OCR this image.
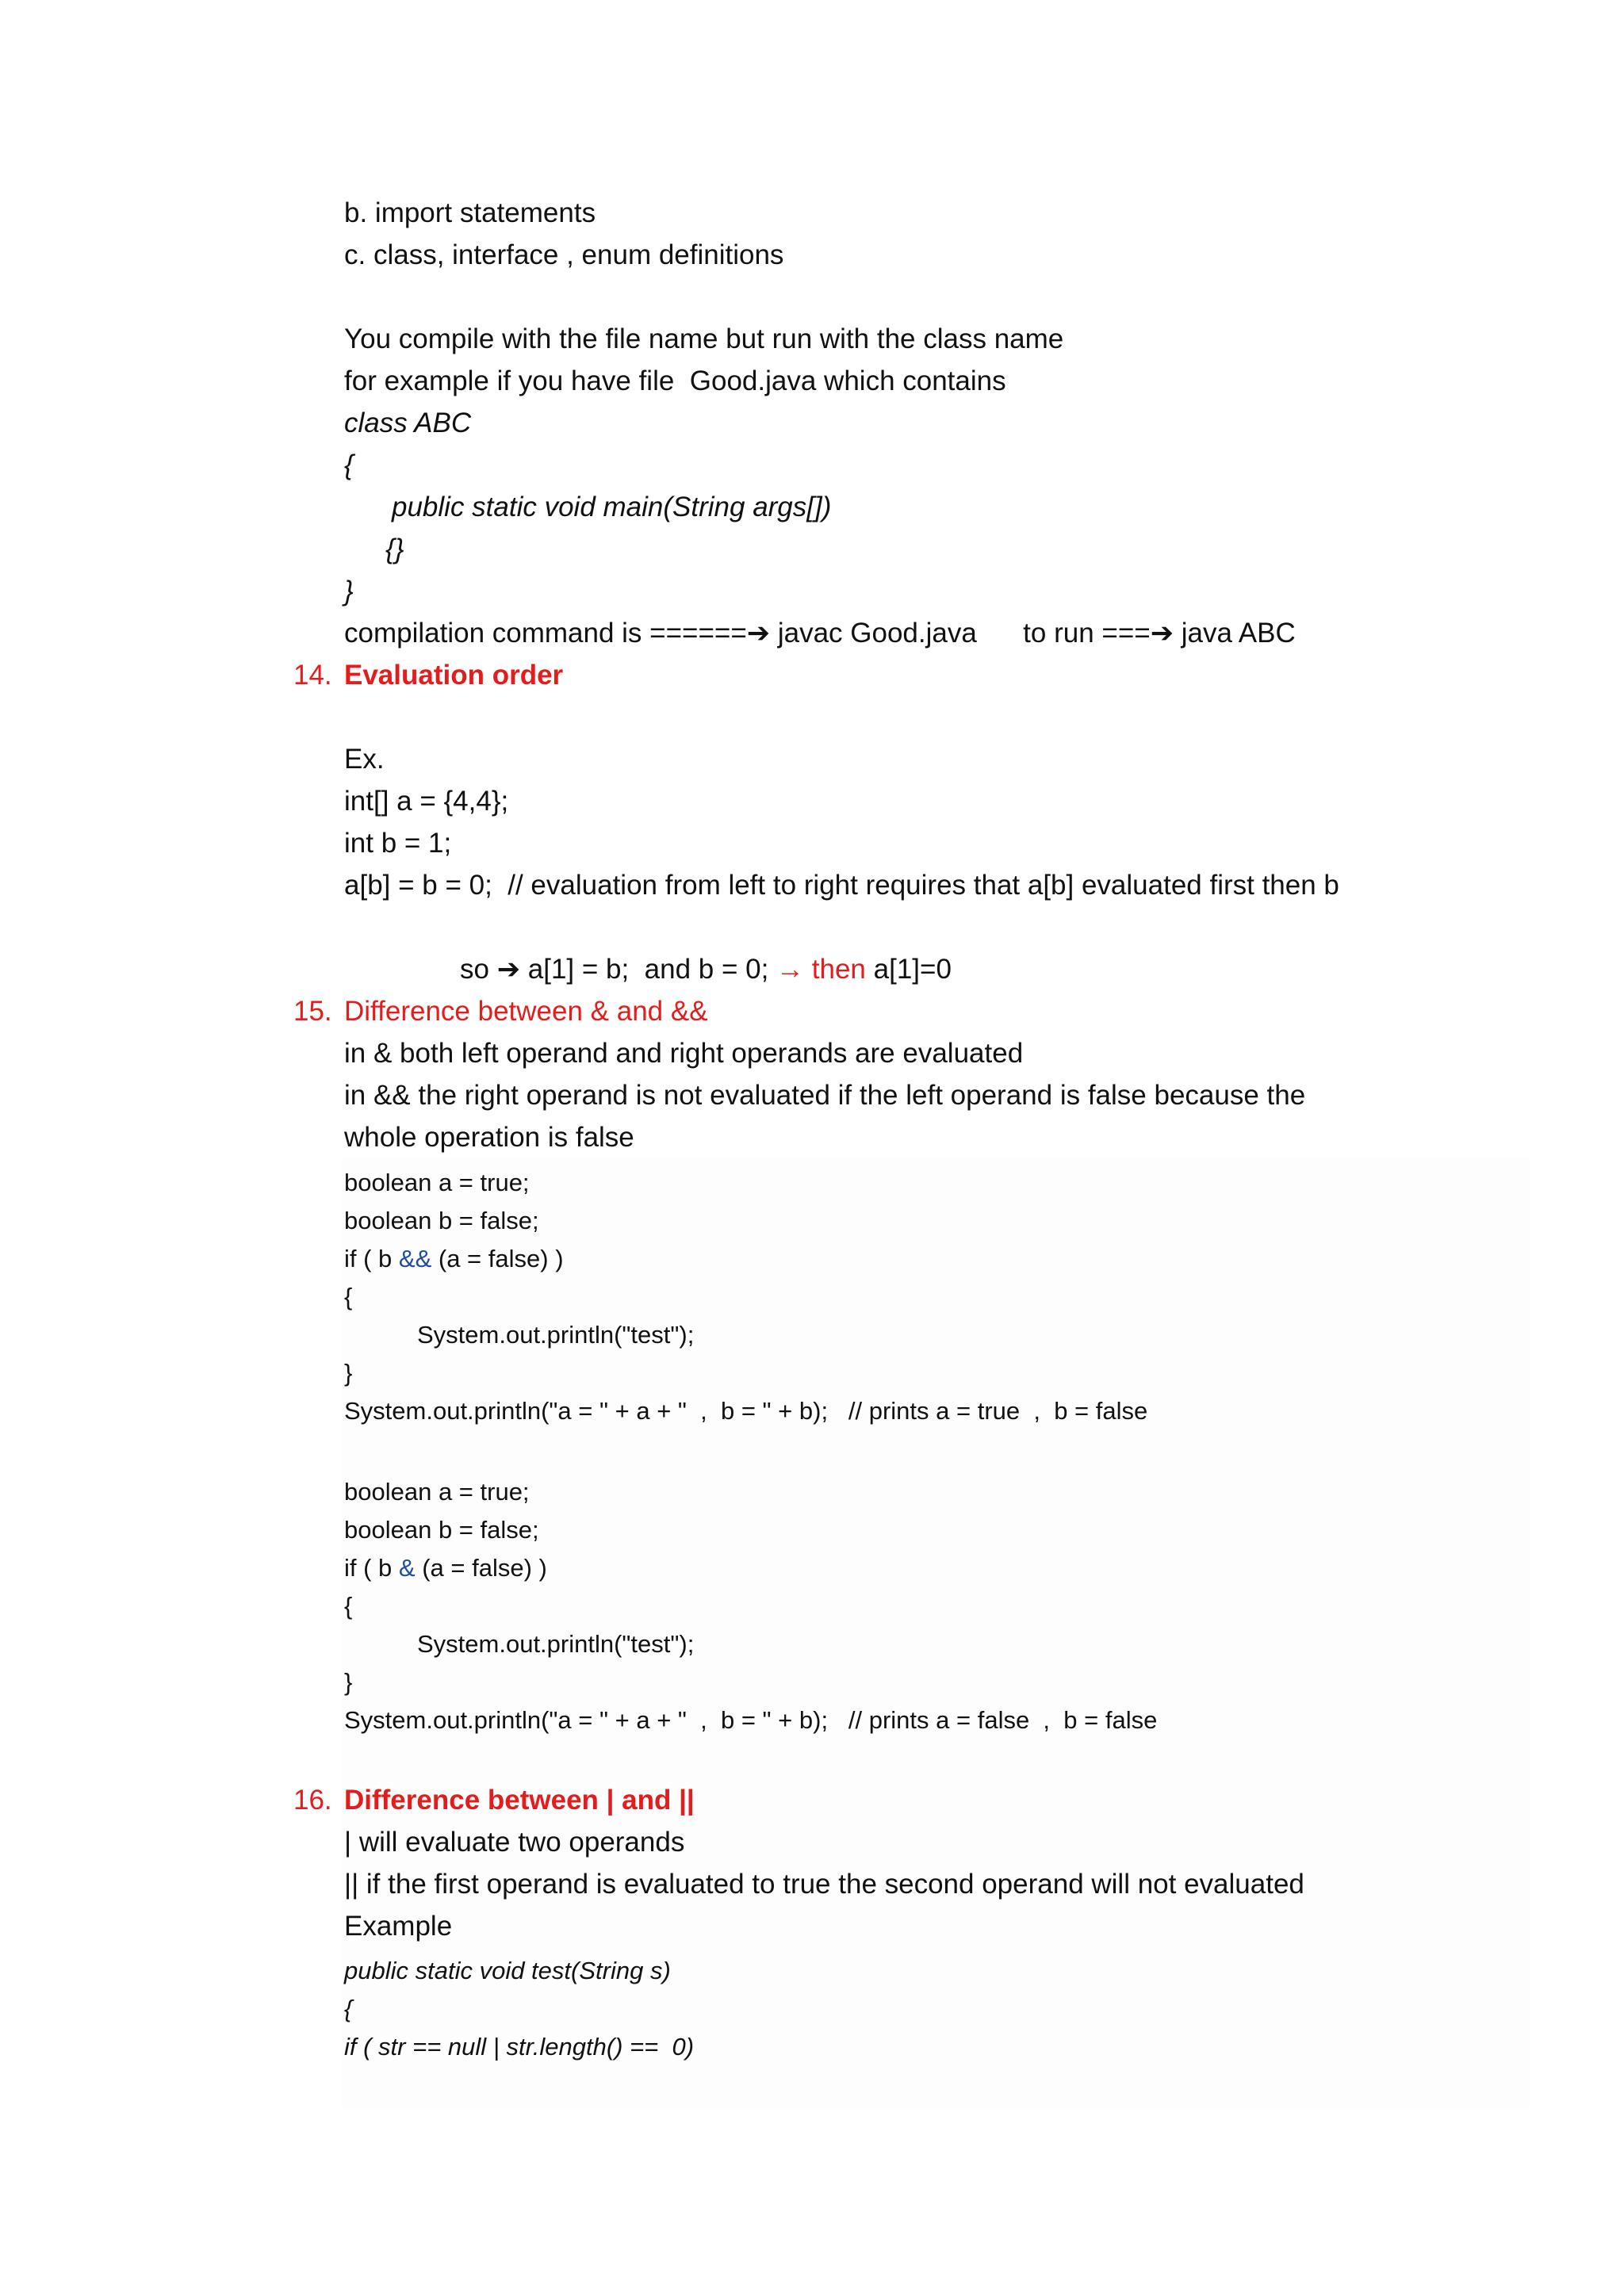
b. import statements
c. class, interface , enum definitions
You compile with the file name but run with the class name
for example if you have file  Good.java which contains
class ABC
{
public static void main(String args[])
{}
}
compilation command is ======➔ javac Good.java      to run ===➔ java ABC
14. Evaluation order
Ex.
int[] a = {4,4};
int b = 1;
a[b] = b = 0;  // evaluation from left to right requires that a[b] evaluated first then b
so ➔ a[1] = b;  and b = 0; → then a[1]=0
15. Difference between & and &&
in & both left operand and right operands are evaluated
in && the right operand is not evaluated if the left operand is false because the
whole operation is false
boolean a = true;
boolean b = false;
if ( b && (a = false) )
{
System.out.println("test");
}
System.out.println("a = " + a + "  ,  b = " + b);   // prints a = true  ,  b = false
boolean a = true;
boolean b = false;
if ( b & (a = false) )
{
System.out.println("test");
}
System.out.println("a = " + a + "  ,  b = " + b);   // prints a = false  ,  b = false
16. Difference between | and ||
| will evaluate two operands
|| if the first operand is evaluated to true the second operand will not evaluated
Example
public static void test(String s)
{
if ( str == null | str.length() ==  0)
